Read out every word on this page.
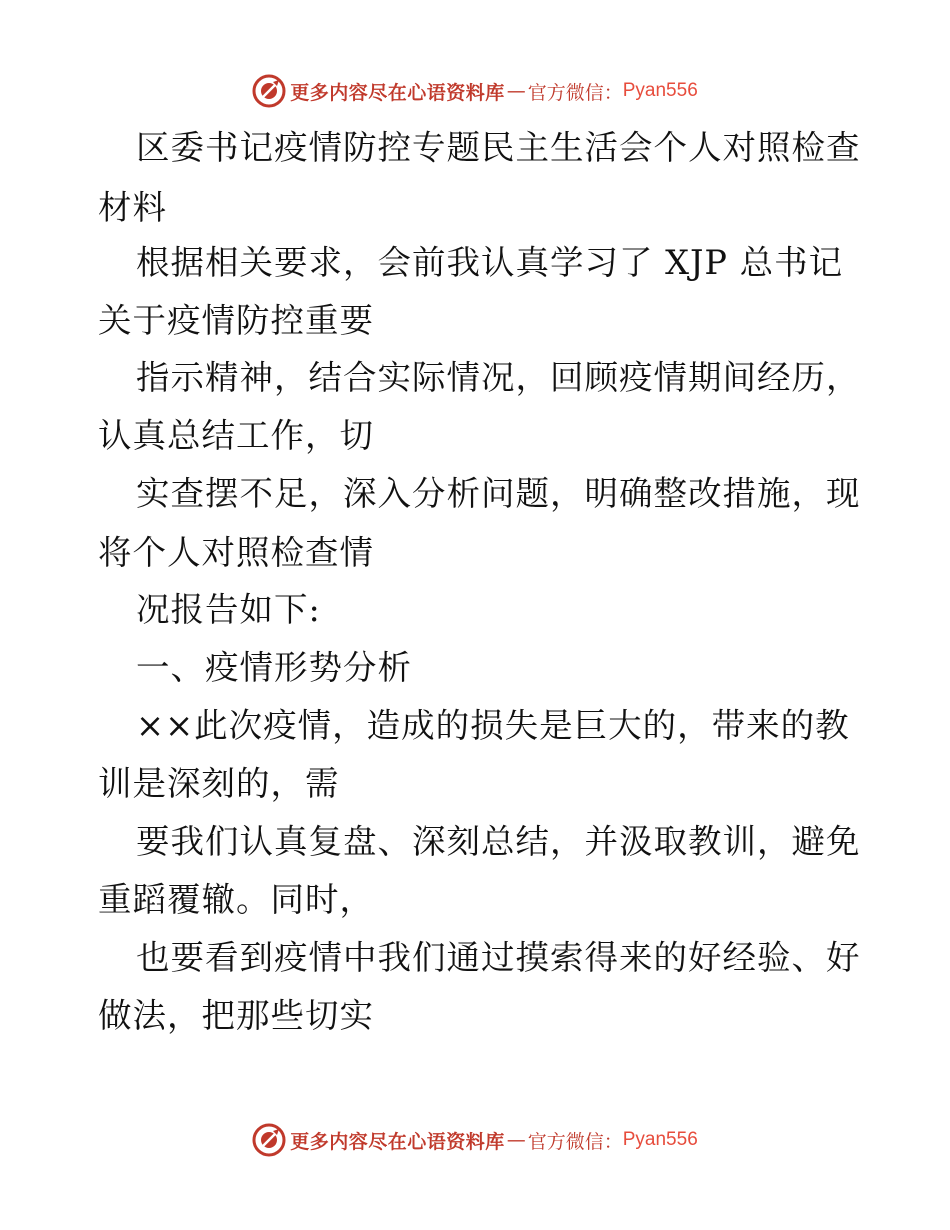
更多内容尽在心语资料库 — 官方微信： Pyan556
区委书记疫情防控专题民主生活会个人对照检查
材料
根据相关要求，会前我认真学习了 XJP 总书记
关于疫情防控重要
指示精神，结合实际情况，回顾疫情期间经历，
认真总结工作，切
实查摆不足，深入分析问题，明确整改措施，现
将个人对照检查情
况报告如下:
一、疫情形势分析
××此次疫情，造成的损失是巨大的，带来的教
训是深刻的，需
要我们认真复盘、深刻总结，并汲取教训，避免
重蹈覆辙。同时，
也要看到疫情中我们通过摸索得来的好经验、好
做法，把那些切实
更多内容尽在心语资料库 — 官方微信： Pyan556
